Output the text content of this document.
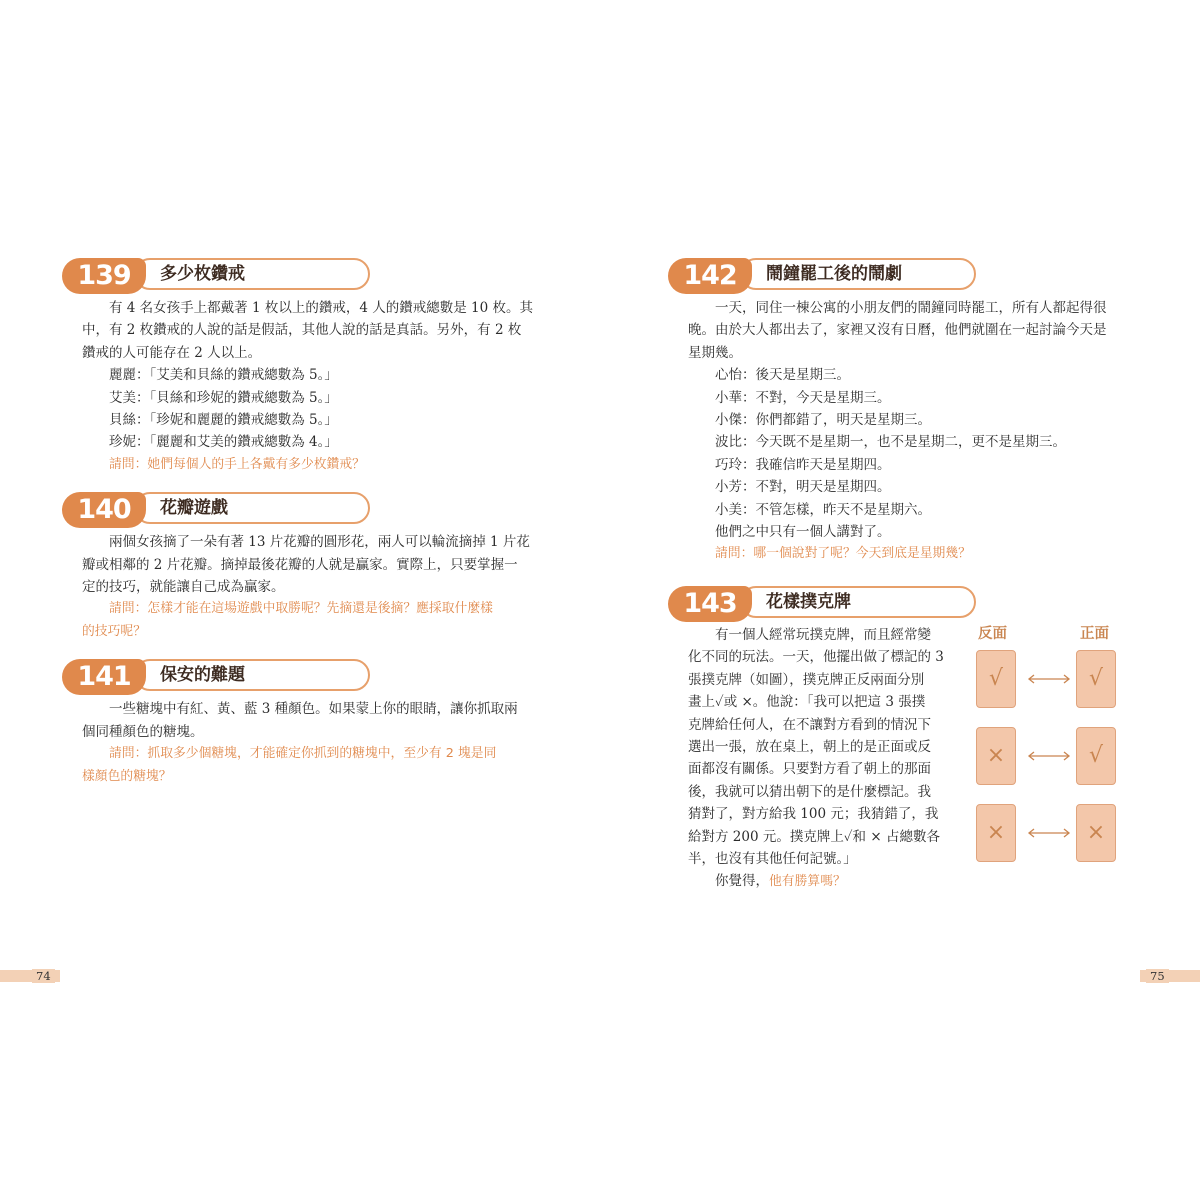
139	多少枚鑽戒

有 4 名女孩手上都戴著 1 枚以上的鑽戒，4 人的鑽戒總數是 10 枚。其

中，有 2 枚鑽戒的人說的話是假話，其他人說的話是真話。另外，有 2 枚

鑽戒的人可能存在 2 人以上。

麗麗：「艾美和貝絲的鑽戒總數為 5。」

艾美：「貝絲和珍妮的鑽戒總數為 5。」

貝絲：「珍妮和麗麗的鑽戒總數為 5。」

珍妮：「麗麗和艾美的鑽戒總數為 4。」

請問：她們每個人的手上各戴有多少枚鑽戒？

140	花瓣遊戲

兩個女孩摘了一朵有著 13 片花瓣的圓形花，兩人可以輪流摘掉 1 片花

瓣或相鄰的 2 片花瓣。摘掉最後花瓣的人就是贏家。實際上，只要掌握一

定的技巧，就能讓自己成為贏家。

請問：怎樣才能在這場遊戲中取勝呢？先摘還是後摘？應採取什麼樣

的技巧呢？

141	保安的難題

一些糖塊中有紅、黃、藍 3 種顏色。如果蒙上你的眼睛，讓你抓取兩

個同種顏色的糖塊。

請問：抓取多少個糖塊，才能確定你抓到的糖塊中，至少有 2 塊是同

樣顏色的糖塊？

142	鬧鐘罷工後的鬧劇

一天，同住一棟公寓的小朋友們的鬧鐘同時罷工，所有人都起得很

晚。由於大人都出去了，家裡又沒有日曆，他們就圍在一起討論今天是

星期幾。

心怡：後天是星期三。

小華：不對，今天是星期三。

小傑：你們都錯了，明天是星期三。

波比：今天既不是星期一，也不是星期二，更不是星期三。

巧玲：我確信昨天是星期四。

小芳：不對，明天是星期四。

小美：不管怎樣，昨天不是星期六。

他們之中只有一個人講對了。

請問：哪一個說對了呢？今天到底是星期幾？

143	花樣撲克牌

有一個人經常玩撲克牌，而且經常變

化不同的玩法。一天，他擺出做了標記的 3

張撲克牌（如圖），撲克牌正反兩面分別

畫上✓或 ×。他說：「我可以把這 3 張撲

克牌給任何人，在不讓對方看到的情況下

選出一張，放在桌上，朝上的是正面或反

面都沒有關係。只要對方看了朝上的那面

後，我就可以猜出朝下的是什麼標記。我

猜對了，對方給我 100 元；我猜錯了，我

給對方 200 元。撲克牌上✓和 × 占總數各

半，也沒有其他任何記號。」

你覺得，他有勝算嗎？

反面	正面
√	√
×	√
×	×
74	75
